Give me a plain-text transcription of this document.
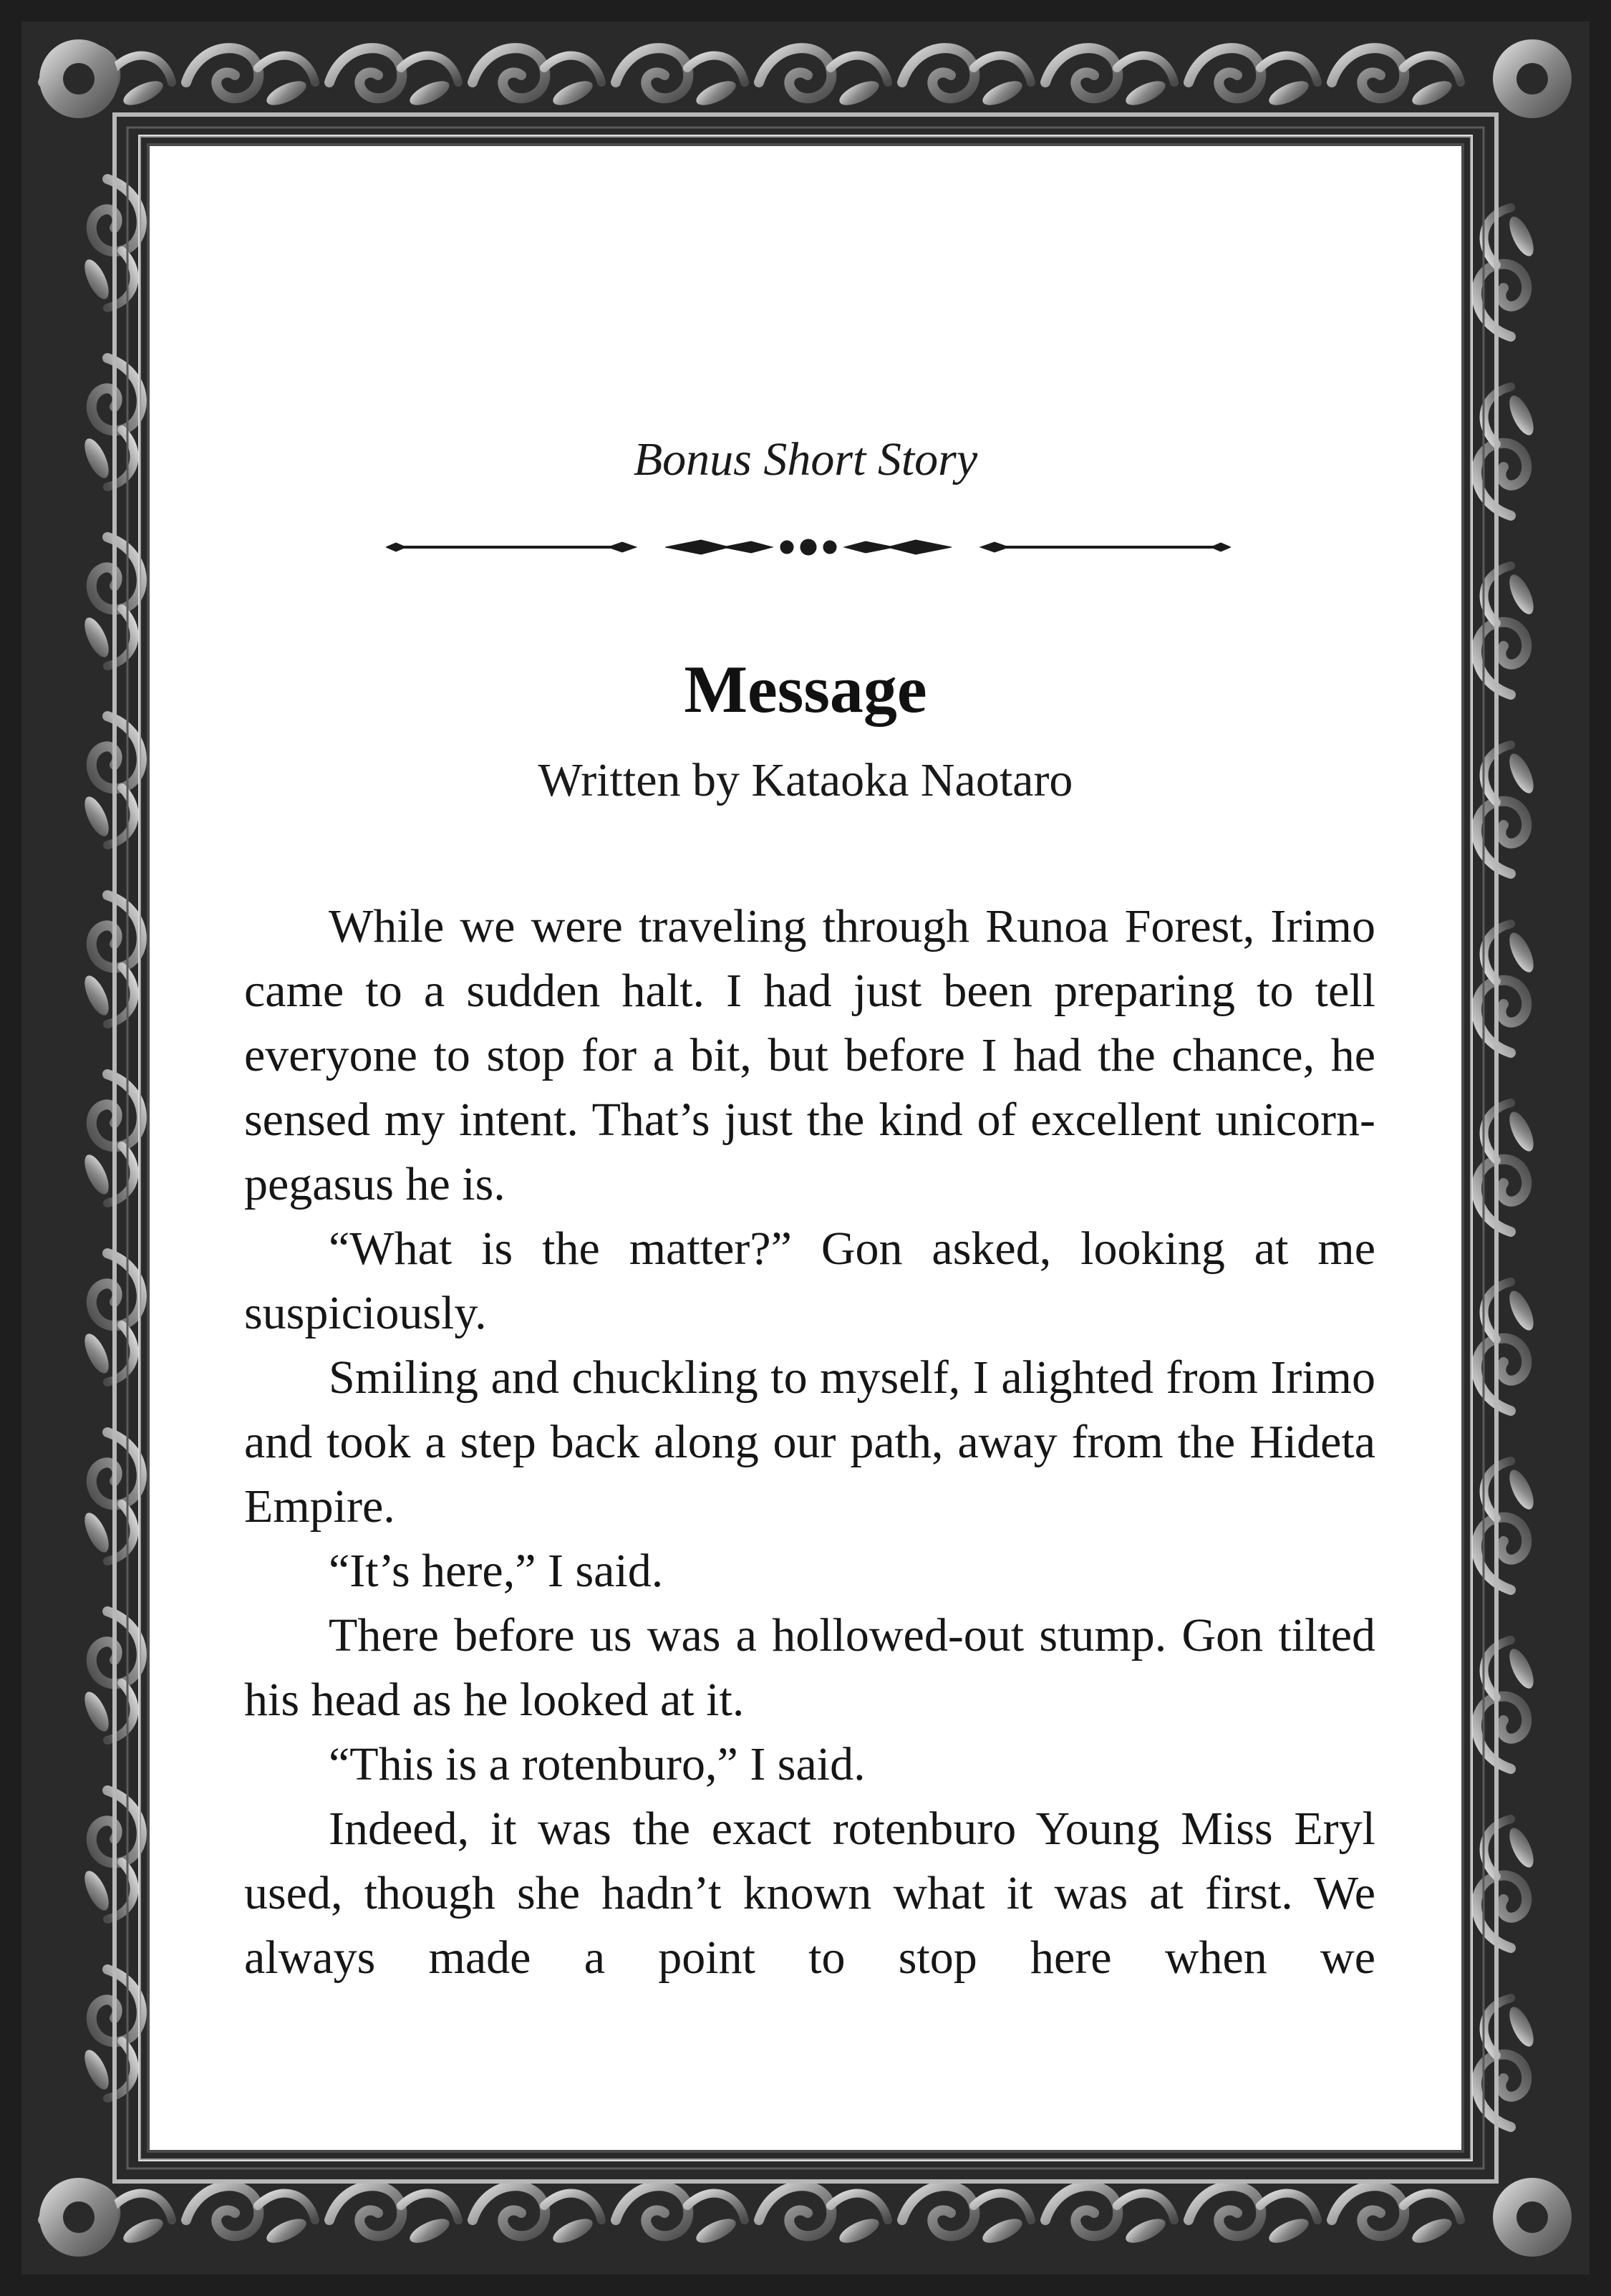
Bonus Short Story
Message
Written by Kataoka Naotaro

While we were traveling through Runoa Forest, Irimo came to a sudden halt. I had just been preparing to tell everyone to stop for a bit, but before I had the chance, he sensed my intent. That’s just the kind of excellent unicorn-pegasus he is.

“What is the matter?” Gon asked, looking at me suspiciously.

Smiling and chuckling to myself, I alighted from Irimo and took a step back along our path, away from the Hideta Empire.

“It’s here,” I said.

There before us was a hollowed-out stump. Gon tilted his head as he looked at it.

“This is a rotenburo,” I said.

Indeed, it was the exact rotenburo Young Miss Eryl used, though she hadn’t known what it was at first. We always made a point to stop here when we
